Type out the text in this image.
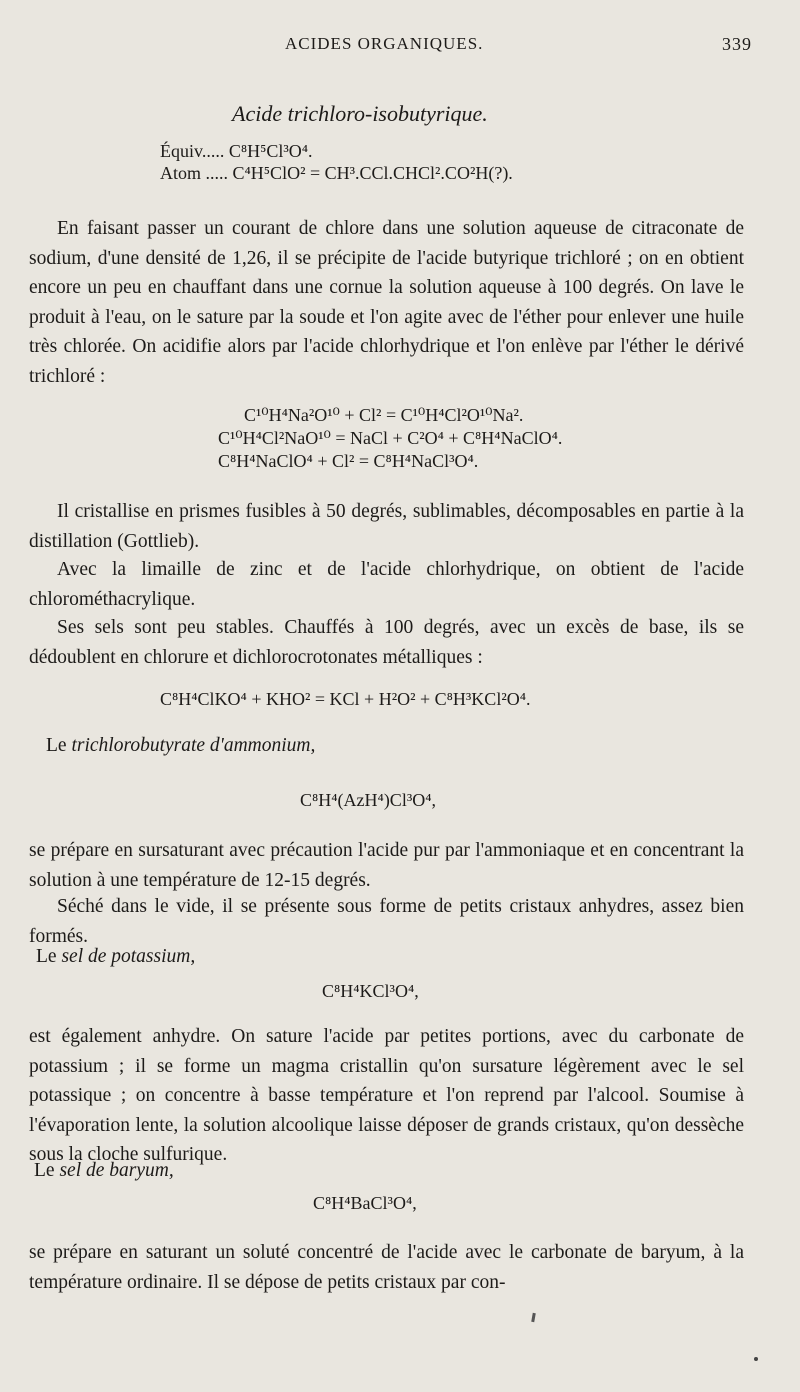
ACIDES ORGANIQUES.	339
Acide trichloro-isobutyrique.
Équiv..... C⁸H⁵Cl³O⁴.
Atom ..... C⁴H⁵ClO² = CH³.CCl.CHCl².CO²H(?).

En faisant passer un courant de chlore dans une solution aqueuse de citraconate de sodium, d'une densité de 1,26, il se précipite de l'acide butyrique trichloré ; on en obtient encore un peu en chauffant dans une cornue la solution aqueuse à 100 degrés. On lave le produit à l'eau, on le sature par la soude et l'on agite avec de l'éther pour enlever une huile très chlorée. On acidifie alors par l'acide chlorhydrique et l'on enlève par l'éther le dérivé trichloré :

C¹⁰H⁴Na²O¹⁰ + Cl² = C¹⁰H⁴Cl²O¹⁰Na².
C¹⁰H⁴Cl²NaO¹⁰ = NaCl + C²O⁴ + C⁸H⁴NaClO⁴.
C⁸H⁴NaClO⁴ + Cl² = C⁸H⁴NaCl³O⁴.

Il cristallise en prismes fusibles à 50 degrés, sublimables, décomposables en partie à la distillation (Gottlieb).

Avec la limaille de zinc et de l'acide chlorhydrique, on obtient de l'acide chlorométhacrylique.

Ses sels sont peu stables. Chauffés à 100 degrés, avec un excès de base, ils se dédoublent en chlorure et dichlorocrotonates métalliques :

C⁸H⁴ClKO⁴ + KHO² = KCl + H²O² + C⁸H³KCl²O⁴.
Le trichlorobutyrate d'ammonium,
C⁸H⁴(AzH⁴)Cl³O⁴,

se prépare en sursaturant avec précaution l'acide pur par l'ammoniaque et en concentrant la solution à une température de 12-15 degrés.

Séché dans le vide, il se présente sous forme de petits cristaux anhydres, assez bien formés.

Le sel de potassium,
C⁸H⁴KCl³O⁴,

est également anhydre. On sature l'acide par petites portions, avec du carbonate de potassium ; il se forme un magma cristallin qu'on sursature légèrement avec le sel potassique ; on concentre à basse température et l'on reprend par l'alcool. Soumise à l'évaporation lente, la solution alcoolique laisse déposer de grands cristaux, qu'on dessèche sous la cloche sulfurique.

Le sel de baryum,
C⁸H⁴BaCl³O⁴,

se prépare en saturant un soluté concentré de l'acide avec le carbonate de baryum, à la température ordinaire. Il se dépose de petits cristaux par con-
